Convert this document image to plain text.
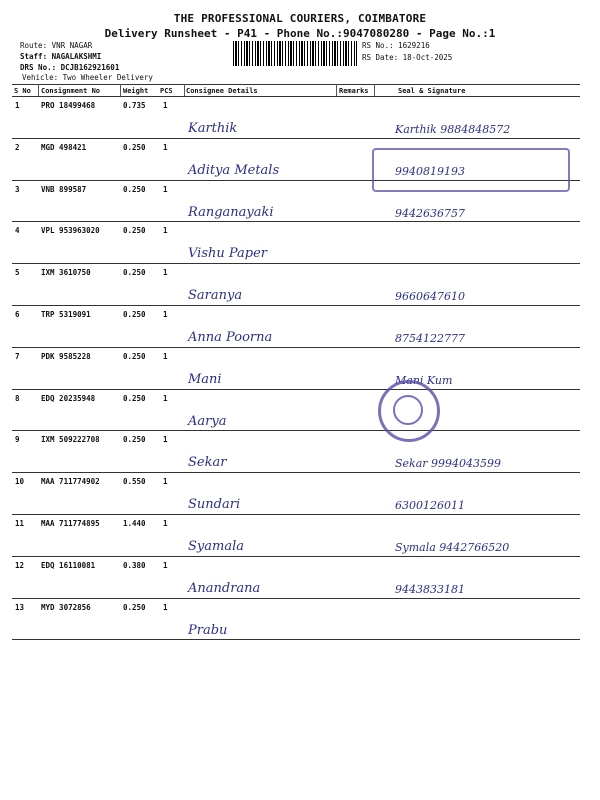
THE PROFESSIONAL COURIERS, COIMBATORE
Delivery Runsheet - P41 - Phone No.:9047080280 - Page No.:1
Route: VNR NAGAR
Staff: NAGALAKSHMI
DRS No.: DCJB162921601
Vehicle: Two Wheeler Delivery
RS No.: 1629216
RS Date: 18-Oct-2025
S No Consignment No	Weight PCS Consignee Details	Remarks	Seal & Signature
1	PRO 18499468	0.735 1
Karthik	Karthik 9884848572
2	MGD 498421	0.250 1
Aditya Metals	9940819193
3	VNB 899587	0.250 1
Ranganayaki	9442636757
4	VPL 953963020	0.250 1
Vishu Paper
5	IXM 3610750	0.250 1
Saranya	9660647610
6	TRP 5319091	0.250 1
Anna Poorna	8754122777
7	PDK 9585228	0.250 1
Mani	Mani Kum
8	EDQ 20235948	0.250 1
Aarya
9	IXM 509222708	0.250 1
Sekar	Sekar 9994043599
10 MAA 711774902	0.550 1
Sundari	6300126011
11 MAA 711774895	1.440 1
Syamala	Symala 9442766520
12 EDQ 16110081	0.380 1
Anandrana	9443833181
13 MYD 3072856	0.250 1
Prabu
